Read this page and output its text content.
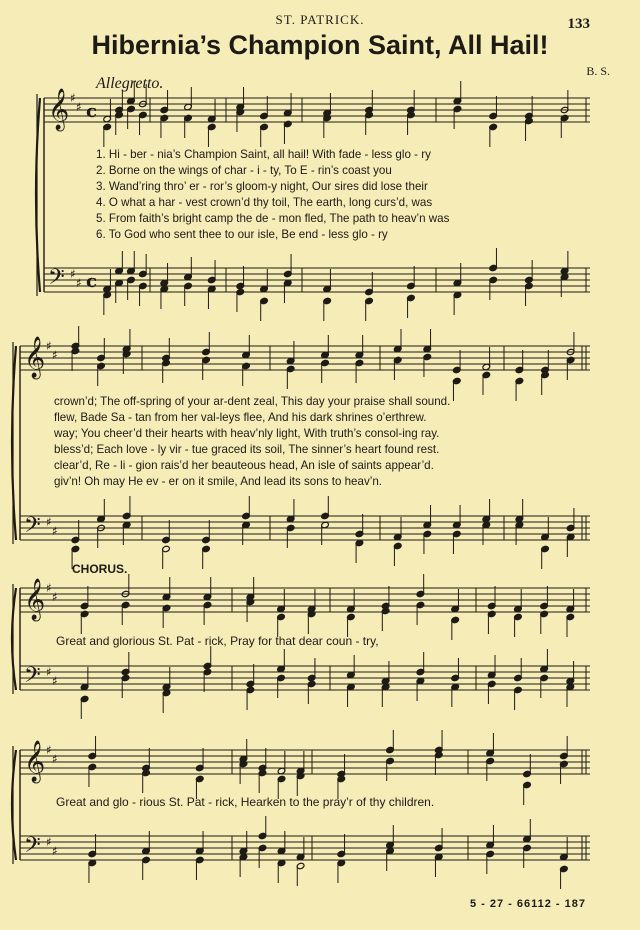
ST. PATRICK.	133
Hibernia’s Champion Saint, All Hail!
B. S.
Allegretto.
𝄞
𝄢
♯
♯
♯
♯
c
c
𝄞
𝄢
♯
♯
♯
♯
𝄞
𝄢
♯
♯
♯
♯
𝄞
𝄢
♯
♯
♯
♯
1. Hi - ber - nia’s Champion Saint, all hail! With fade - less glo - ry
2. Borne on the wings of char - i - ty, To E - rin’s coast you
3. Wand’ring thro’ er - ror’s gloom-y night, Our sires did lose their
4. O what a har - vest crown’d thy toil, The earth, long curs’d, was
5. From faith’s bright camp the de - mon fled, The path to heav’n was
6. To God who sent thee to our isle, Be end - less glo - ry
crown’d; The off-spring of your ar-dent zeal, This day your praise shall sound.
flew, Bade Sa - tan from her val-leys flee, And his dark shrines o’erthrew.
way; You cheer’d their hearts with heav’nly light, With truth’s consol-ing ray.
bless’d; Each love - ly vir - tue graced its soil, The sinner’s heart found rest.
clear’d, Re - li - gion rais’d her beauteous head, An isle of saints appear’d.
giv’n! Oh may He ev - er on it smile, And lead its sons to heav’n.
CHORUS.
Great and glorious St. Pat - rick, Pray for that dear coun - try,
Great and glo - rious St. Pat - rick, Hearken to the pray’r of thy children.
5 - 27 - 66112 - 187
